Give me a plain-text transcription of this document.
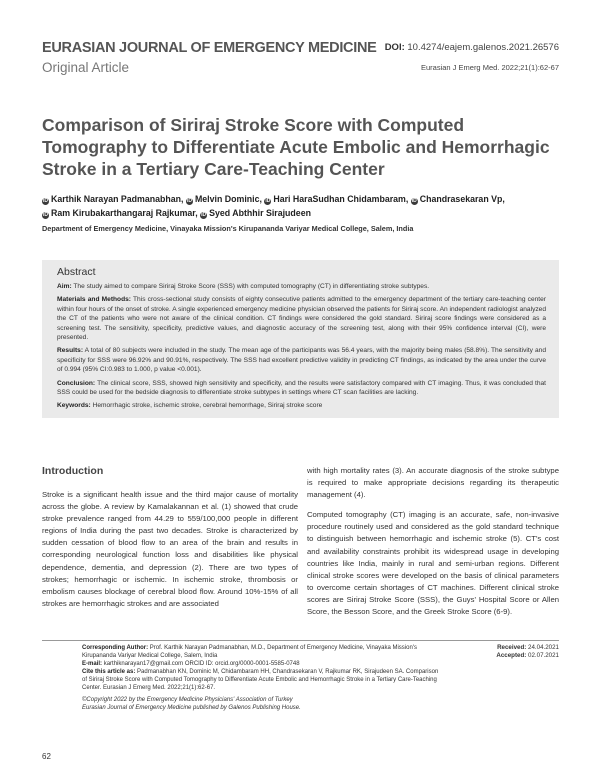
EURASIAN JOURNAL OF EMERGENCY MEDICINE
Original Article
DOI: 10.4274/eajem.galenos.2021.26576
Eurasian J Emerg Med. 2022;21(1):62-67
Comparison of Siriraj Stroke Score with Computed Tomography to Differentiate Acute Embolic and Hemorrhagic Stroke in a Tertiary Care-Teaching Center
iD Karthik Narayan Padmanabhan, iD Melvin Dominic, iD Hari HaraSudhan Chidambaram, iD Chandrasekaran Vp,
iD Ram Kirubakarthangaraj Rajkumar, iD Syed Abthhir Sirajudeen
Department of Emergency Medicine, Vinayaka Mission's Kirupananda Variyar Medical College, Salem, India
Abstract

Aim: The study aimed to compare Siriraj Stroke Score (SSS) with computed tomography (CT) in differentiating stroke subtypes.

Materials and Methods: This cross-sectional study consists of eighty consecutive patients admitted to the emergency department of the tertiary care-teaching center within four hours of the onset of stroke. A single experienced emergency medicine physician observed the patients for Siriraj score. An independent radiologist analyzed the CT of the patients who were not aware of the clinical condition. CT findings were considered the gold standard. Siriraj score findings were considered as a screening test. The sensitivity, specificity, predictive values, and diagnostic accuracy of the screening test, along with their 95% confidence interval (CI), were presented.

Results: A total of 80 subjects were included in the study. The mean age of the participants was 56.4 years, with the majority being males (58.8%). The sensitivity and specificity for SSS were 96.92% and 90.91%, respectively. The SSS had excellent predictive validity in predicting CT findings, as indicated by the area under the curve of 0.994 (95% CI:0.983 to 1.000, p value <0.001).

Conclusion: The clinical score, SSS, showed high sensitivity and specificity, and the results were satisfactory compared with CT imaging. Thus, it was concluded that SSS could be used for the bedside diagnosis to differentiate stroke subtypes in settings where CT scan facilities are lacking.

Keywords: Hemorrhagic stroke, ischemic stroke, cerebral hemorrhage, Siriraj stroke score

Introduction

Stroke is a significant health issue and the third major cause of mortality across the globe. A review by Kamalakannan et al. (1) showed that crude stroke prevalence ranged from 44.29 to 559/100,000 people in different regions of India during the past two decades. Stroke is characterized by sudden cessation of blood flow to an area of the brain and results in corresponding neurological function loss and disabilities like physical dependence, dementia, and depression (2). There are two types of strokes; hemorrhagic or ischemic. In ischemic stroke, thrombosis or embolism causes blockage of cerebral blood flow. Around 10%-15% of all strokes are hemorrhagic strokes and are associated

with high mortality rates (3). An accurate diagnosis of the stroke subtype is required to make appropriate decisions regarding its therapeutic management (4).

Computed tomography (CT) imaging is an accurate, safe, non-invasive procedure routinely used and considered as the gold standard technique to distinguish between hemorrhagic and ischemic stroke (5). CT's cost and availability constraints prohibit its widespread usage in developing countries like India, mainly in rural and semi-urban regions. Different clinical stroke scores were developed on the basis of clinical parameters to overcome certain shortages of CT machines. Different clinical stroke scores are Siriraj Stroke Score (SSS), the Guys' Hospital Score or Allen Score, the Besson Score, and the Greek Stroke Score (6-9).

Corresponding Author: Prof. Karthik Narayan Padmanabhan, M.D., Department of Emergency Medicine, Vinayaka Mission's Kirupananda Variyar Medical College, Salem, India
E-mail: karthiknarayan17@gmail.com ORCID ID: orcid.org/0000-0001-5585-0748
Cite this article as: Padmanabhan KN, Dominic M, Chidambaram HH, Chandrasekaran V, Rajkumar RK, Sirajudeen SA. Comparison of Siriraj Stroke Score with Computed Tomography to Differentiate Acute Embolic and Hemorrhagic Stroke in a Tertiary Care-Teaching Center. Eurasian J Emerg Med. 2022;21(1):62-67.
©Copyright 2022 by the Emergency Medicine Physicians' Association of Turkey
Eurasian Journal of Emergency Medicine published by Galenos Publishing House.
Received: 24.04.2021
Accepted: 02.07.2021
62
